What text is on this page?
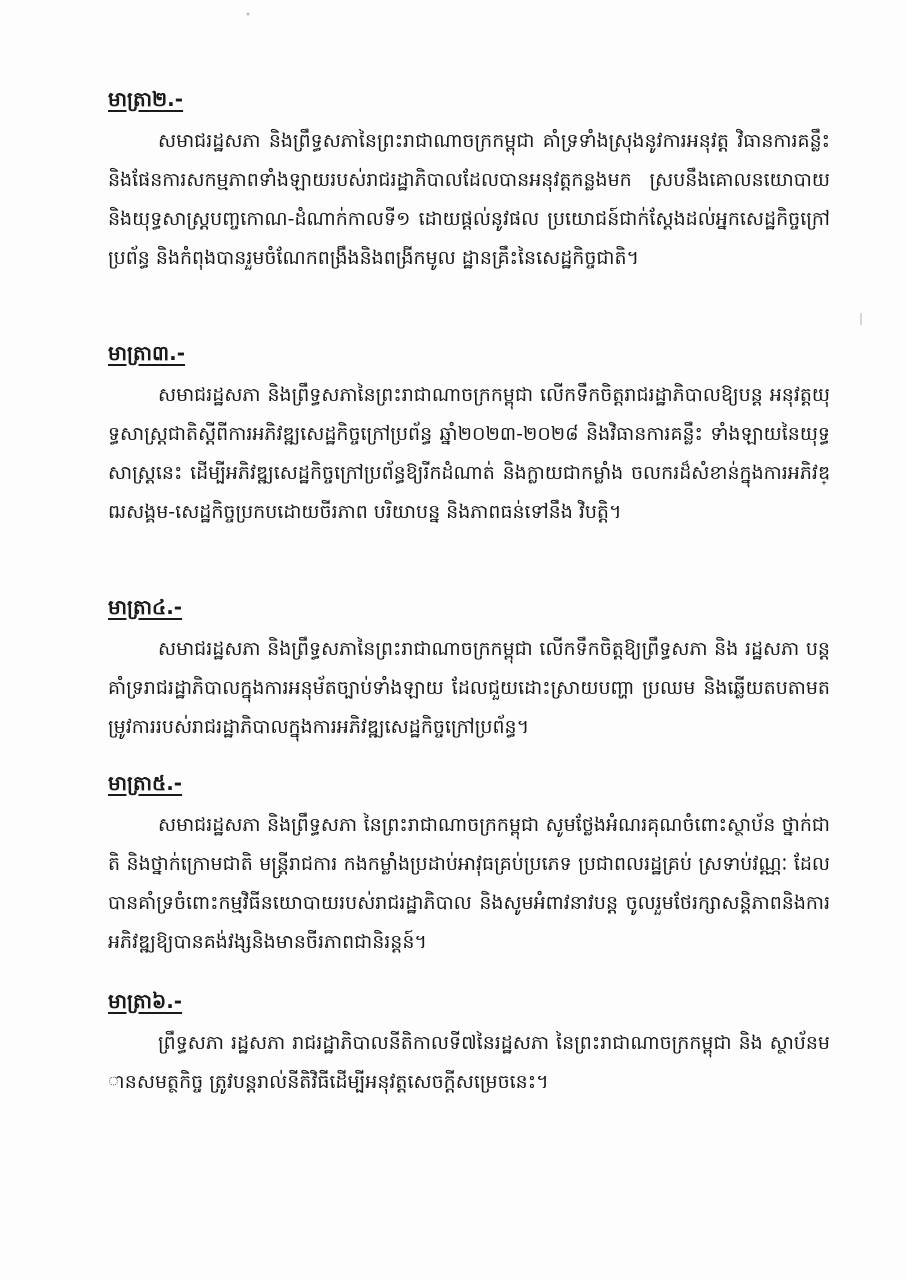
មាត្រា២.-

សមាជរដ្ឋសភា និងព្រឹទ្ធសភានៃព្រះរាជាណាចក្រកម្ពុជា គាំទ្រទាំងស្រុងនូវការអនុវត្ត វិធានការគន្លឹះនិងផែនការសកម្មភាពទាំងឡាយរបស់រាជរដ្ឋាភិបាលដែលបានអនុវត្តកន្លងមក ស្របនឹងគោលនយោបាយ និងយុទ្ធសាស្ត្របញ្ចកោណ-ដំណាក់កាលទី១ ដោយផ្តល់នូវផល ប្រយោជន៍ជាក់ស្តែងដល់អ្នកសេដ្ឋកិច្ចក្រៅប្រព័ន្ធ និងកំពុងបានរួមចំណែកពង្រឹងនិងពង្រីកមូល ដ្ឋានគ្រឹះនៃសេដ្ឋកិច្ចជាតិ។

មាត្រា៣.-

សមាជរដ្ឋសភា និងព្រឹទ្ធសភានៃព្រះរាជាណាចក្រកម្ពុជា លើកទឹកចិត្តរាជរដ្ឋាភិបាលឱ្យបន្ត អនុវត្តយុទ្ធសាស្ត្រជាតិស្តីពីការអភិវឌ្ឍសេដ្ឋកិច្ចក្រៅប្រព័ន្ធ ឆ្នាំ២០២៣-២០២៨ និងវិធានការគន្លឹះ ទាំងឡាយនៃយុទ្ធសាស្ត្រនេះ ដើម្បីអភិវឌ្ឍសេដ្ឋកិច្ចក្រៅប្រព័ន្ធឱ្យរីកដំណាត់ និងក្លាយជាកម្លាំង ចលករដ៏សំខាន់ក្នុងការអភិវឌ្ឍសង្គម-សេដ្ឋកិច្ចប្រកបដោយចីរភាព បរិយាបន្ន និងភាពធន់ទៅនឹង វិបត្តិ។

មាត្រា៤.-

សមាជរដ្ឋសភា និងព្រឹទ្ធសភានៃព្រះរាជាណាចក្រកម្ពុជា លើកទឹកចិត្តឱ្យព្រឹទ្ធសភា និង រដ្ឋសភា បន្តគាំទ្ររាជរដ្ឋាភិបាលក្នុងការអនុម័តច្បាប់ទាំងឡាយ ដែលជួយដោះស្រាយបញ្ហា ប្រឈម និងឆ្លើយតបតាមតម្រូវការរបស់រាជរដ្ឋាភិបាលក្នុងការអភិវឌ្ឍសេដ្ឋកិច្ចក្រៅប្រព័ន្ធ។

មាត្រា៥.-

សមាជរដ្ឋសភា និងព្រឹទ្ធសភា នៃព្រះរាជាណាចក្រកម្ពុជា សូមថ្លែងអំណរគុណចំពោះស្ថាប័ន ថ្នាក់ជាតិ និងថ្នាក់ក្រោមជាតិ មន្ត្រីរាជការ កងកម្លាំងប្រដាប់អាវុធគ្រប់ប្រភេទ ប្រជាពលរដ្ឋគ្រប់ ស្រទាប់វណ្ណៈ ដែលបានគាំទ្រចំពោះកម្មវិធីនយោបាយរបស់រាជរដ្ឋាភិបាល និងសូមអំពាវនាវបន្ត ចូលរួមថែរក្សាសន្តិភាពនិងការអភិវឌ្ឍឱ្យបានគង់វង្សនិងមានចីរភាពជានិរន្តន៍។

មាត្រា៦.-

ព្រឹទ្ធសភា រដ្ឋសភា រាជរដ្ឋាភិបាលនីតិកាលទី៧នៃរដ្ឋសភា នៃព្រះរាជាណាចក្រកម្ពុជា និង ស្ថាប័នមានសមត្ថកិច្ច ត្រូវបន្តរាល់នីតិវិធីដើម្បីអនុវត្តសេចក្តីសម្រេចនេះ។
